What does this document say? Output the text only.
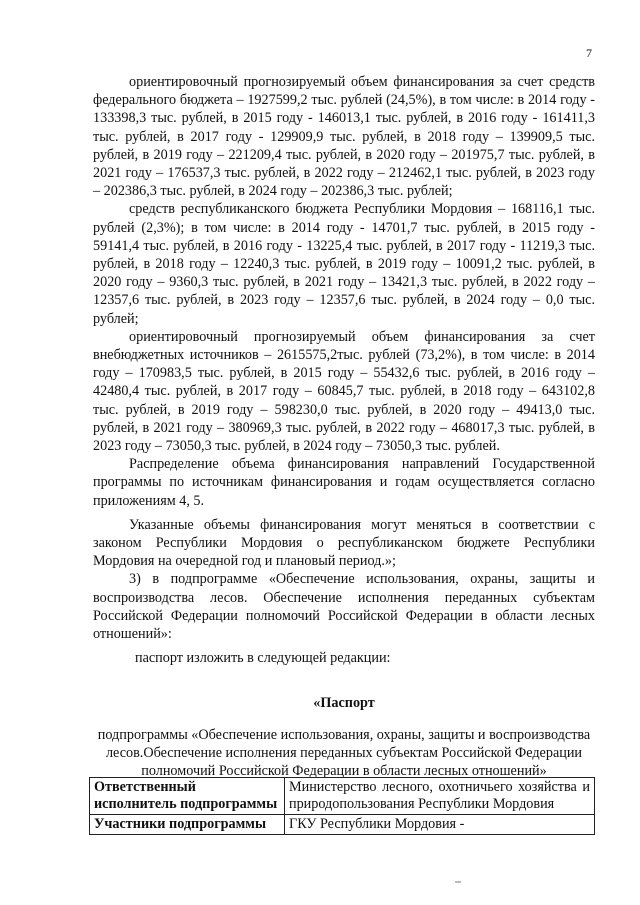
7

ориентировочный прогнозируемый объем финансирования за счет средств федерального бюджета – 1927599,2 тыс. рублей (24,5%), в том числе: в 2014 году - 133398,3 тыс. рублей, в 2015 году - 146013,1 тыс. рублей, в 2016 году - 161411,3 тыс. рублей, в 2017 году - 129909,9 тыс. рублей, в 2018 году – 139909,5 тыс. рублей, в 2019 году – 221209,4 тыс. рублей, в 2020 году – 201975,7 тыс. рублей, в 2021 году – 176537,3 тыс. рублей, в 2022 году – 212462,1 тыс. рублей, в 2023 году – 202386,3 тыс. рублей, в 2024 году – 202386,3 тыс. рублей;

средств республиканского бюджета Республики Мордовия – 168116,1 тыс. рублей (2,3%); в том числе: в 2014 году - 14701,7 тыс. рублей, в 2015 году - 59141,4 тыс. рублей, в 2016 году - 13225,4 тыс. рублей, в 2017 году - 11219,3 тыс. рублей, в 2018 году – 12240,3 тыс. рублей, в 2019 году – 10091,2 тыс. рублей, в 2020 году – 9360,3 тыс. рублей, в 2021 году – 13421,3 тыс. рублей, в 2022 году – 12357,6 тыс. рублей, в 2023 году – 12357,6 тыс. рублей, в 2024 году – 0,0 тыс. рублей;

ориентировочный прогнозируемый объем финансирования за счет внебюджетных источников – 2615575,2тыс. рублей (73,2%), в том числе: в 2014 году – 170983,5 тыс. рублей, в 2015 году – 55432,6 тыс. рублей, в 2016 году – 42480,4 тыс. рублей, в 2017 году – 60845,7 тыс. рублей, в 2018 году – 643102,8 тыс. рублей, в 2019 году – 598230,0 тыс. рублей, в 2020 году – 49413,0 тыс. рублей, в 2021 году – 380969,3 тыс. рублей, в 2022 году – 468017,3 тыс. рублей, в 2023 году – 73050,3 тыс. рублей, в 2024 году – 73050,3 тыс. рублей.

Распределение объема финансирования направлений Государственной программы по источникам финансирования и годам осуществляется согласно приложениям 4, 5.

Указанные объемы финансирования могут меняться в соответствии с законом Республики Мордовия о республиканском бюджете Республики Мордовия на очередной год и плановый период.»;

3) в подпрограмме «Обеспечение использования, охраны, защиты и воспроизводства лесов. Обеспечение исполнения переданных субъектам Российской Федерации полномочий Российской Федерации в области лесных отношений»:

паспорт изложить в следующей редакции:

«Паспорт

подпрограммы «Обеспечение использования, охраны, защиты и воспроизводства лесов.Обеспечение исполнения переданных субъектам Российской Федерации полномочий Российской Федерации в области лесных отношений»

Ответственный исполнитель подпрограммы	Министерство лесного, охотничьего хозяйства и природопользования Республики Мордовия
Участники подпрограммы	ГКУ Республики Мордовия -
